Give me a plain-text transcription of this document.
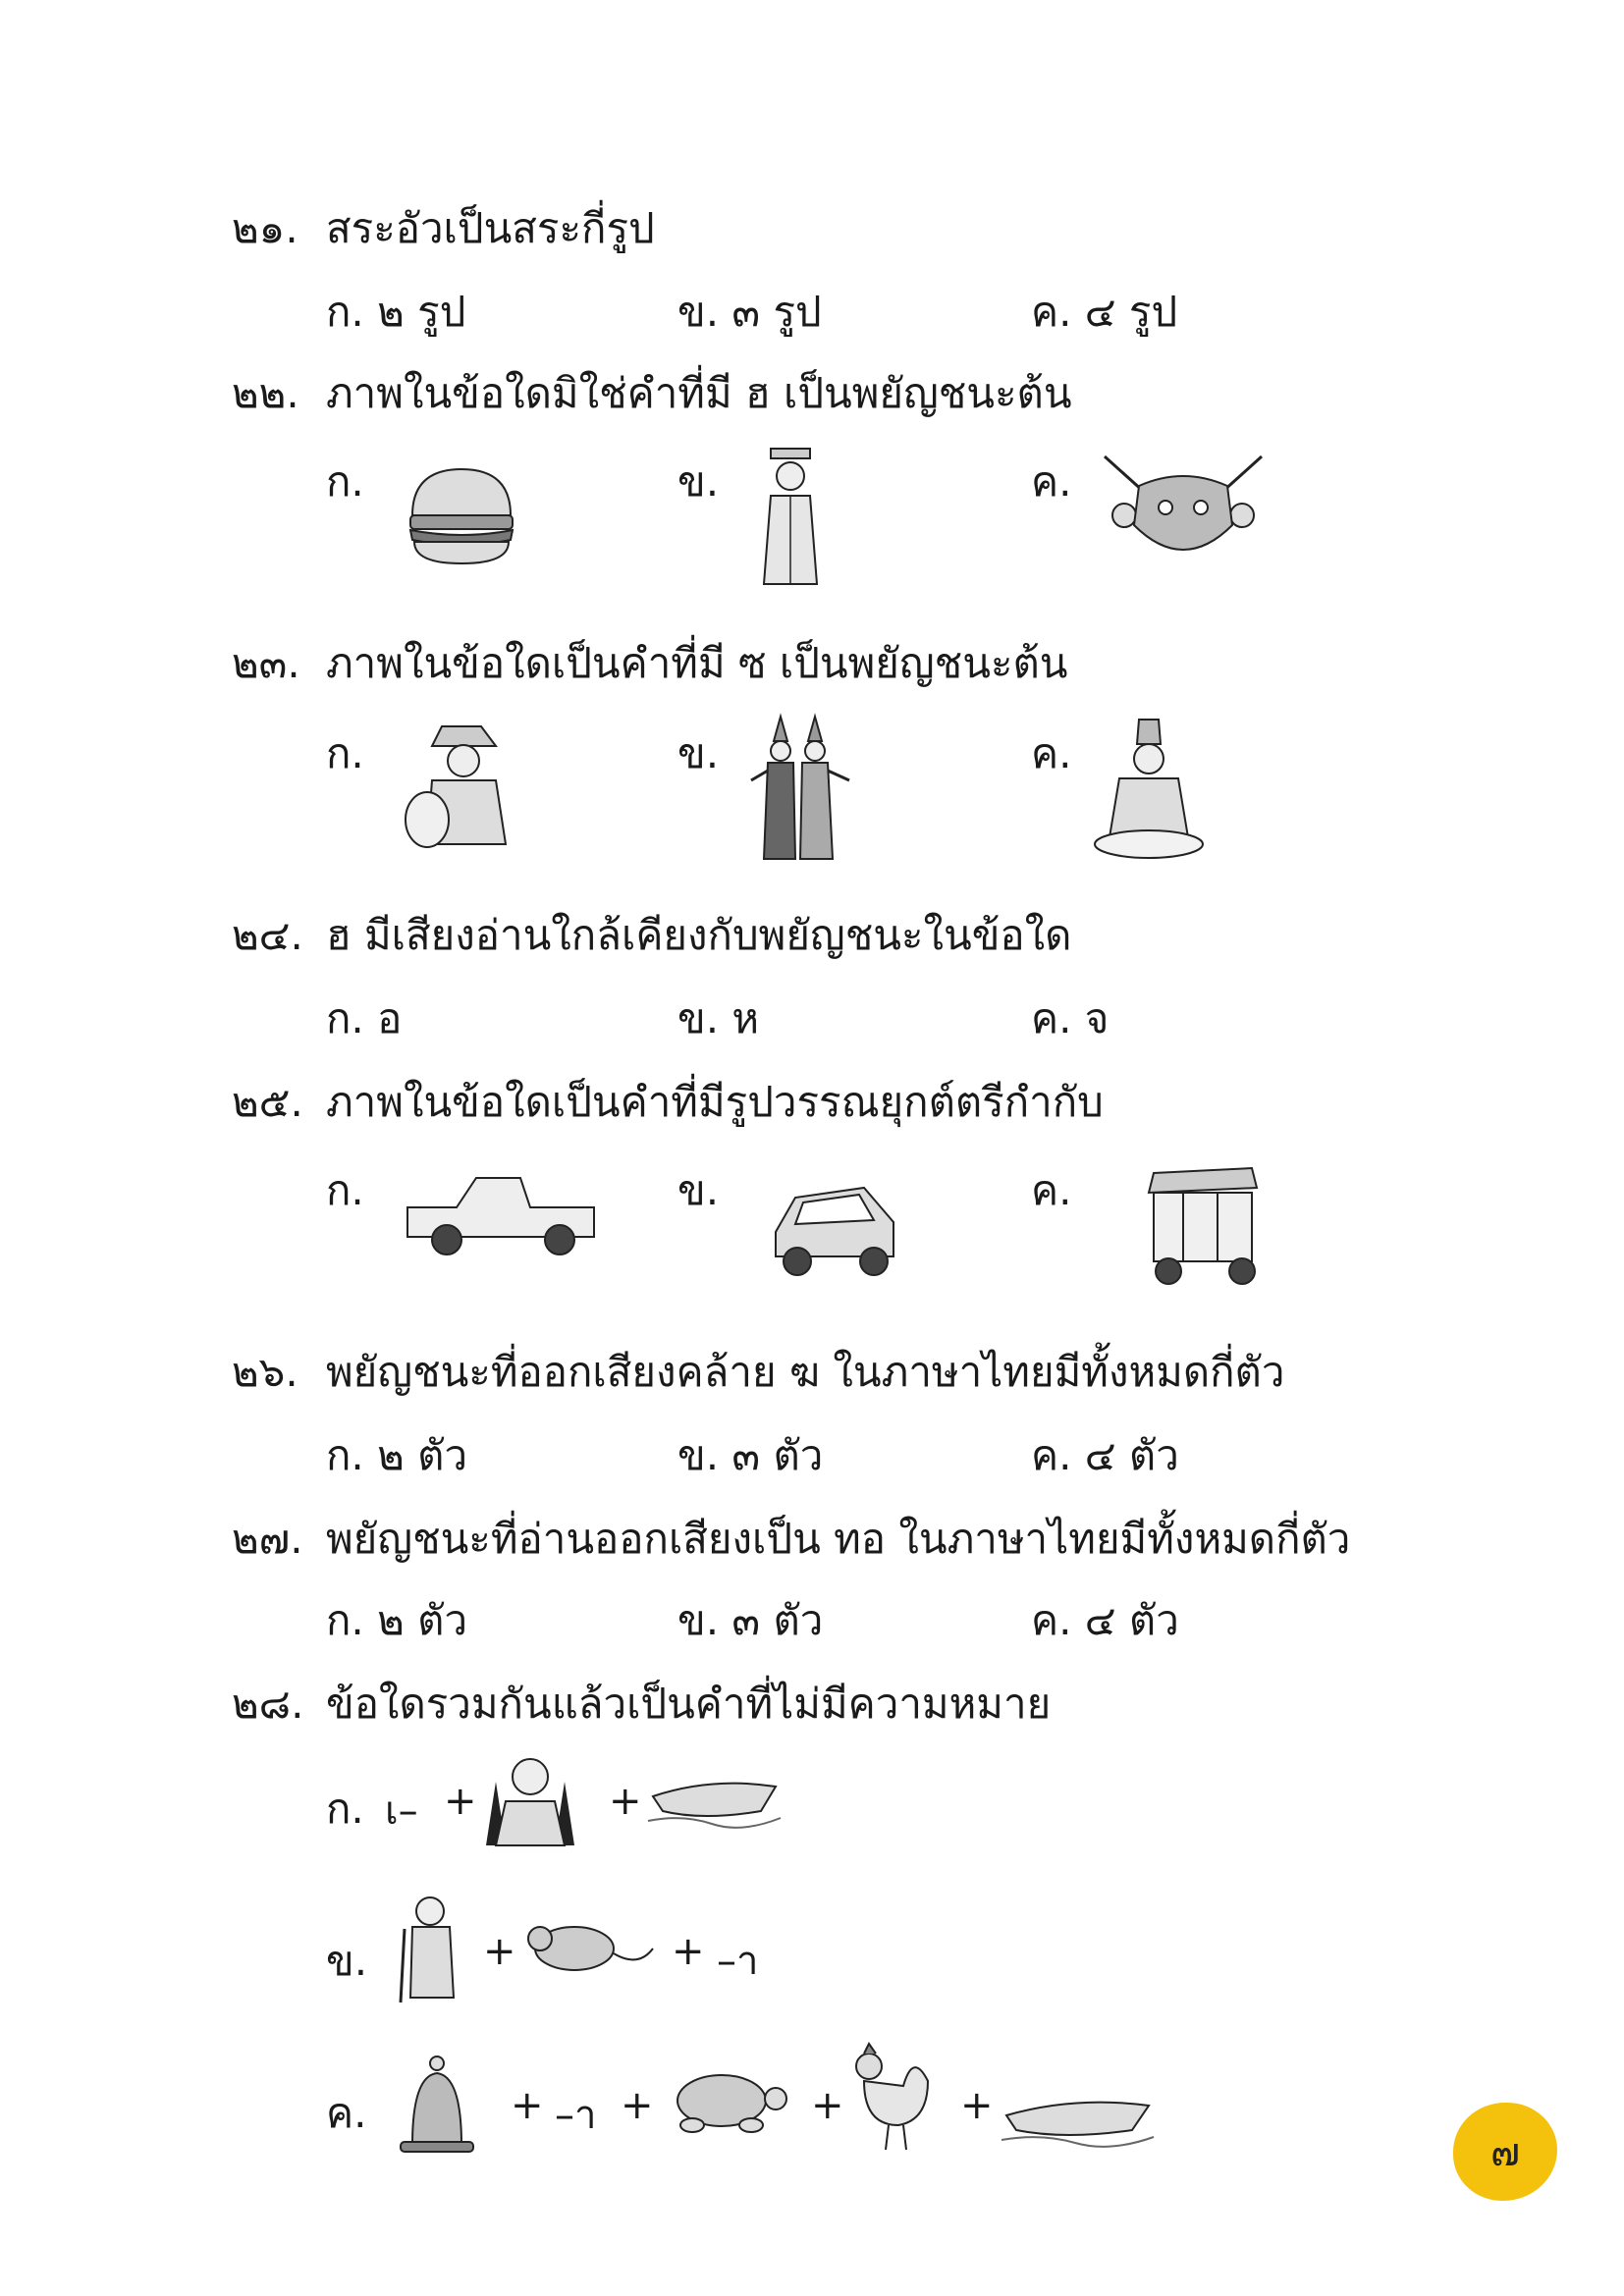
๒๑. สระอัวเป็นสระกี่รูป
ก. ๒ รูป	ข. ๓ รูป	ค. ๔ รูป
๒๒. ภาพในข้อใดมิใช่คำที่มี ฮ เป็นพยัญชนะต้น
ก.	ข.	ค.
๒๓. ภาพในข้อใดเป็นคำที่มี ซ เป็นพยัญชนะต้น
ก.	ข.	ค.
๒๔. ฮ มีเสียงอ่านใกล้เคียงกับพยัญชนะในข้อใด
ก. อ	ข. ห	ค. จ
๒๕. ภาพในข้อใดเป็นคำที่มีรูปวรรณยุกต์ตรีกำกับ
ก.	ข.	ค.
๒๖. พยัญชนะที่ออกเสียงคล้าย ฆ ในภาษาไทยมีทั้งหมดกี่ตัว
ก. ๒ ตัว	ข. ๓ ตัว	ค. ๔ ตัว
๒๗. พยัญชนะที่อ่านออกเสียงเป็น ทอ ในภาษาไทยมีทั้งหมดกี่ตัว
ก. ๒ ตัว	ข. ๓ ตัว	ค. ๔ ตัว
๒๘. ข้อใดรวมกันแล้วเป็นคำที่ไม่มีความหมาย
ก. เ– +	+
ข.	+	+ –า
ค.	+ –า +	+	+
๗
